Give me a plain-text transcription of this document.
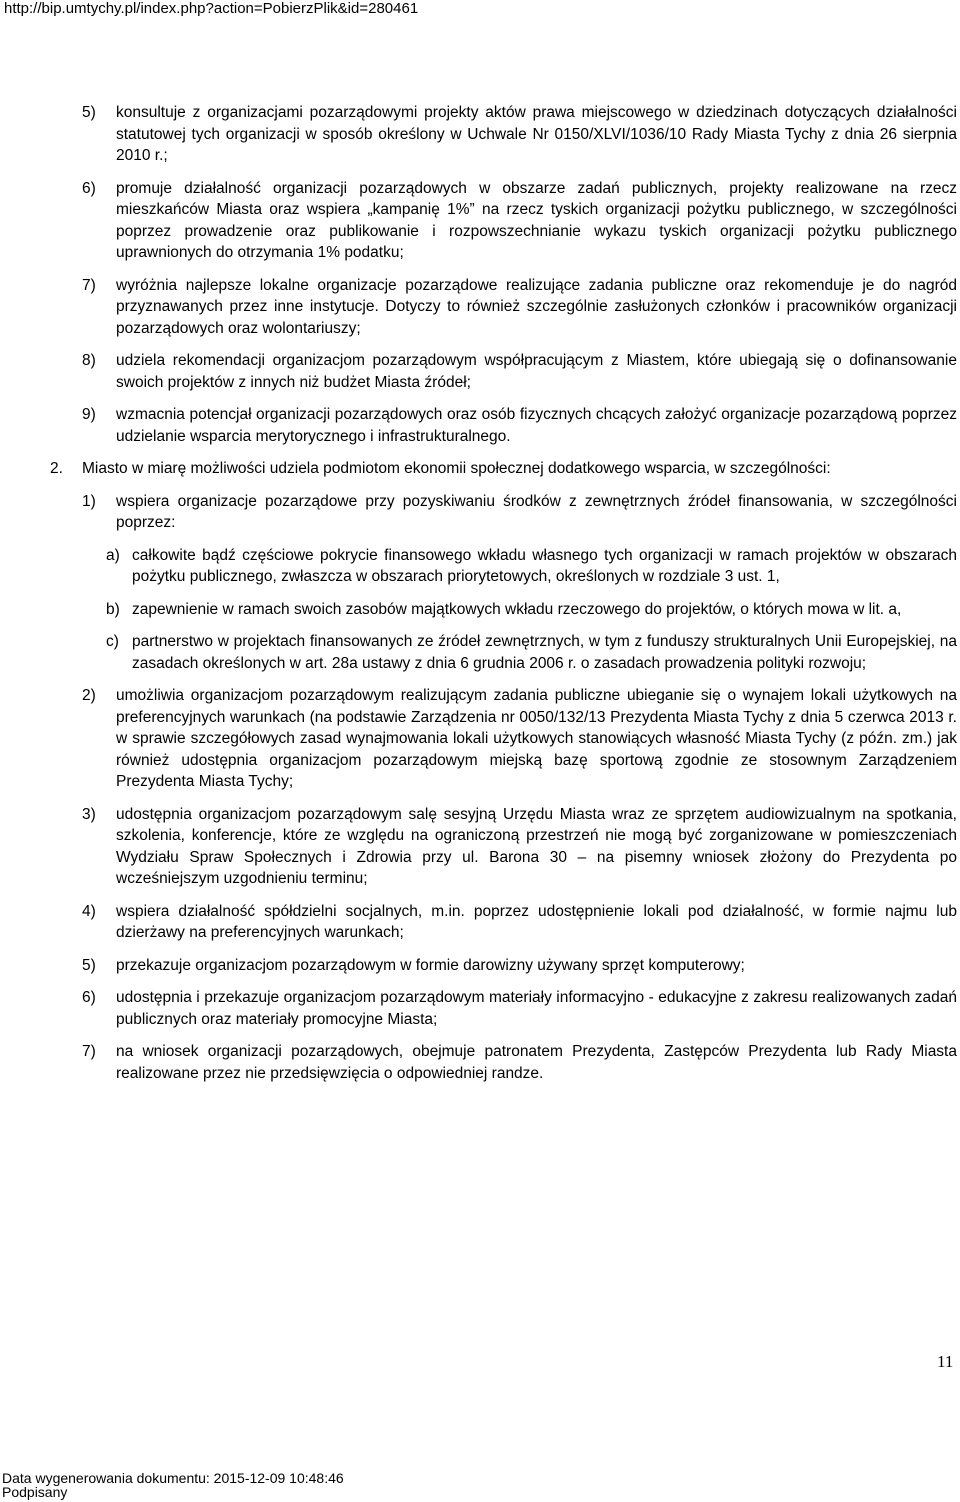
http://bip.umtychy.pl/index.php?action=PobierzPlik&id=280461
5)	konsultuje z organizacjami pozarządowymi projekty aktów prawa miejscowego w dziedzinach dotyczących działalności statutowej tych organizacji w sposób określony w Uchwale Nr 0150/XLVI/1036/10 Rady Miasta Tychy z dnia 26 sierpnia 2010 r.;
6)	promuje działalność organizacji pozarządowych w obszarze zadań publicznych, projekty realizowane na rzecz mieszkańców Miasta oraz wspiera „kampanię 1%” na rzecz tyskich organizacji pożytku publicznego, w szczególności poprzez prowadzenie oraz publikowanie i rozpowszechnianie wykazu tyskich organizacji pożytku publicznego uprawnionych do otrzymania 1% podatku;
7)	wyróżnia najlepsze lokalne organizacje pozarządowe realizujące zadania publiczne oraz rekomenduje je do nagród przyznawanych przez inne instytucje. Dotyczy to również szczególnie zasłużonych członków i pracowników organizacji pozarządowych oraz wolontariuszy;
8)	udziela rekomendacji organizacjom pozarządowym współpracującym z Miastem, które ubiegają się o dofinansowanie swoich projektów z innych niż budżet Miasta źródeł;
9)	wzmacnia potencjał organizacji pozarządowych oraz osób fizycznych chcących założyć organizacje pozarządową poprzez udzielanie wsparcia merytorycznego i infrastrukturalnego.
2.	Miasto w miarę możliwości udziela podmiotom ekonomii społecznej dodatkowego wsparcia, w szczególności:
1)	wspiera organizacje pozarządowe przy pozyskiwaniu środków z zewnętrznych źródeł finansowania, w szczególności poprzez:
a) całkowite bądź częściowe pokrycie finansowego wkładu własnego tych organizacji w ramach projektów w obszarach pożytku publicznego, zwłaszcza w obszarach priorytetowych, określonych w rozdziale 3 ust. 1,
b) zapewnienie w ramach swoich zasobów majątkowych wkładu rzeczowego do projektów, o których mowa w lit. a,
c) partnerstwo w projektach finansowanych ze źródeł zewnętrznych, w tym z funduszy strukturalnych Unii Europejskiej, na zasadach określonych w art. 28a ustawy z dnia 6 grudnia 2006 r. o zasadach prowadzenia polityki rozwoju;
2)	umożliwia organizacjom pozarządowym realizującym zadania publiczne ubieganie się o wynajem lokali użytkowych na preferencyjnych warunkach (na podstawie Zarządzenia nr 0050/132/13 Prezydenta Miasta Tychy z dnia 5 czerwca 2013 r. w sprawie szczegółowych zasad wynajmowania lokali użytkowych stanowiących własność Miasta Tychy (z późn. zm.) jak również udostępnia organizacjom pozarządowym miejską bazę sportową zgodnie ze stosownym Zarządzeniem Prezydenta Miasta Tychy;
3)	udostępnia organizacjom pozarządowym salę sesyjną Urzędu Miasta wraz ze sprzętem audiowizualnym na spotkania, szkolenia, konferencje, które ze względu na ograniczoną przestrzeń nie mogą być zorganizowane w pomieszczeniach Wydziału Spraw Społecznych i Zdrowia przy ul. Barona 30 – na pisemny wniosek złożony do Prezydenta po wcześniejszym uzgodnieniu terminu;
4)	wspiera działalność spółdzielni socjalnych, m.in. poprzez udostępnienie lokali pod działalność, w formie najmu lub dzierżawy na preferencyjnych warunkach;
5)	przekazuje organizacjom pozarządowym w formie darowizny używany sprzęt komputerowy;
6)	udostępnia i przekazuje organizacjom pozarządowym materiały informacyjno - edukacyjne z zakresu realizowanych zadań publicznych oraz materiały promocyjne Miasta;
7)	na wniosek organizacji pozarządowych, obejmuje patronatem Prezydenta, Zastępców Prezydenta lub Rady Miasta realizowane przez nie przedsięwzięcia o odpowiedniej randze.
11
Data wygenerowania dokumentu: 2015-12-09 10:48:46
Podpisany
